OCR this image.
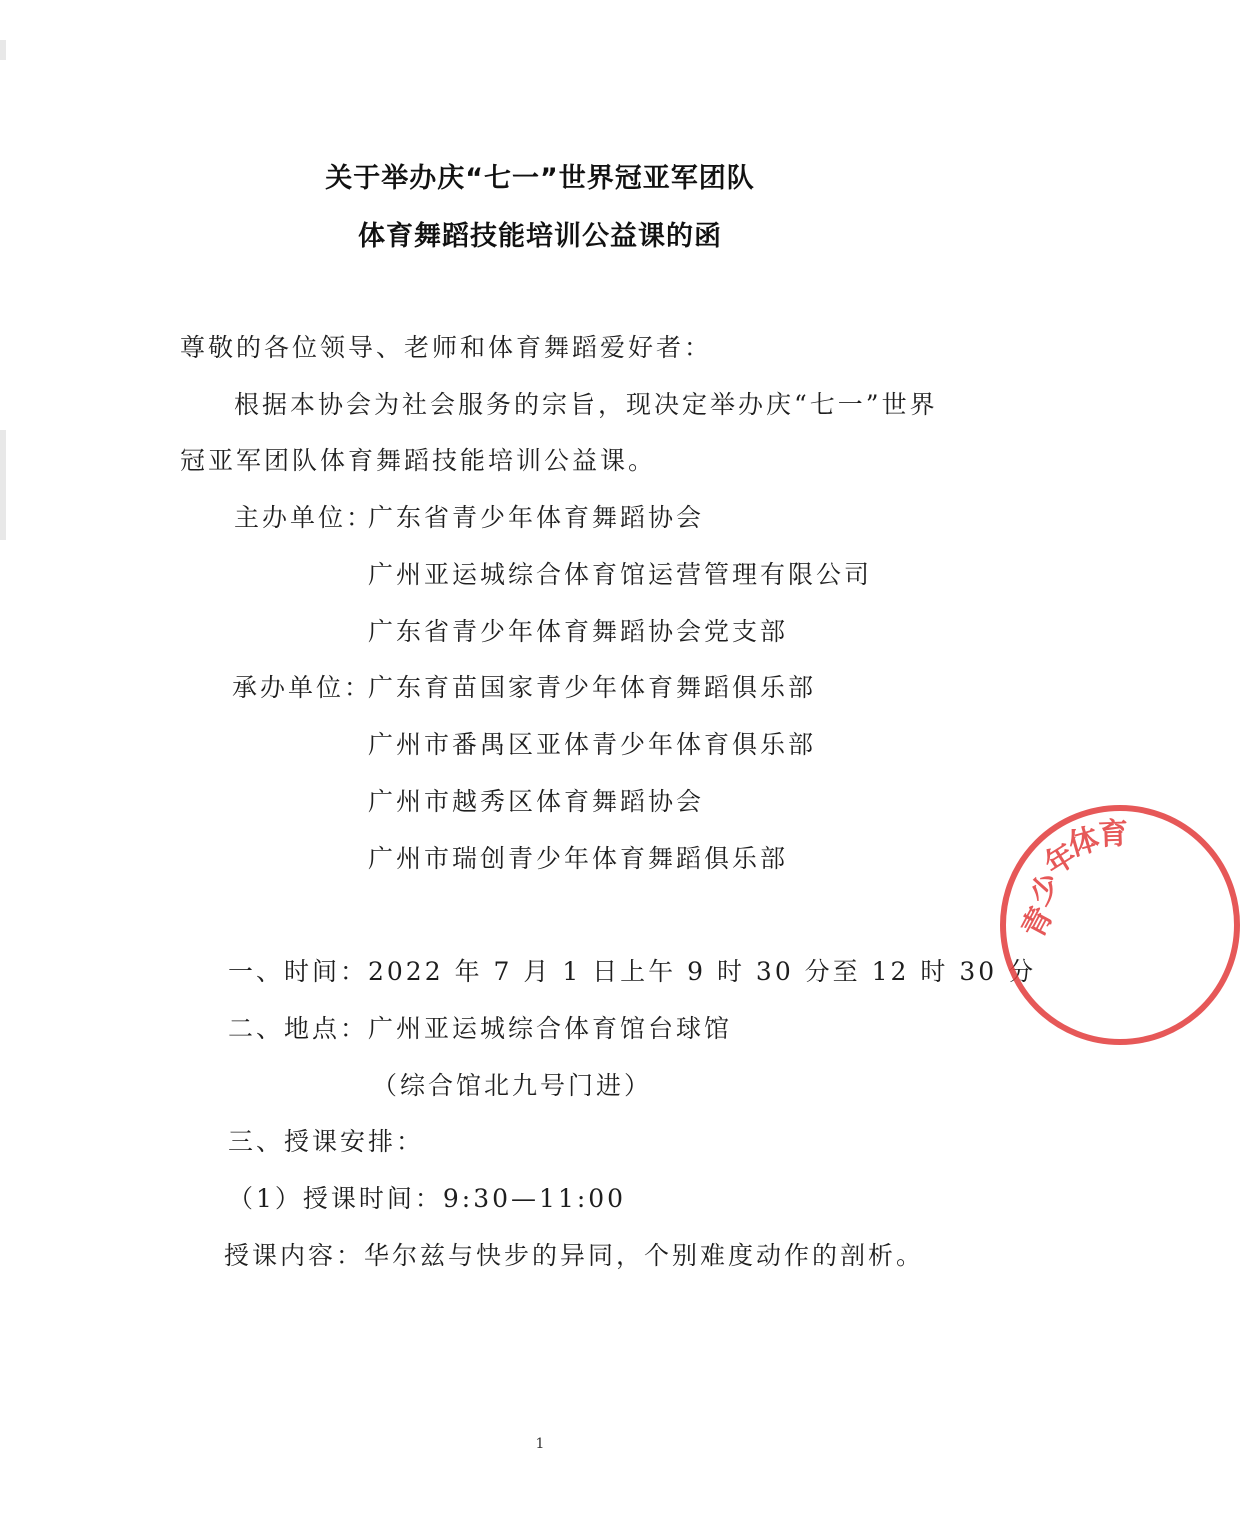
关于举办庆“七一”世界冠亚军团队
体育舞蹈技能培训公益课的函
尊敬的各位领导、老师和体育舞蹈爱好者：
根据本协会为社会服务的宗旨，现决定举办庆“七一”世界
冠亚军团队体育舞蹈技能培训公益课。
主办单位：
广东省青少年体育舞蹈协会
广州亚运城综合体育馆运营管理有限公司
广东省青少年体育舞蹈协会党支部
承办单位：
广东育苗国家青少年体育舞蹈俱乐部
广州市番禺区亚体青少年体育俱乐部
广州市越秀区体育舞蹈协会
广州市瑞创青少年体育舞蹈俱乐部
一、时间：2022 年 7 月 1 日上午 9 时 30 分至 12 时 30 分
二、地点：广州亚运城综合体育馆台球馆
（综合馆北九号门进）
三、授课安排：
（1）授课时间：9:30—11:00
授课内容：华尔兹与快步的异同，个别难度动作的剖析。
1
青
少
年
体
育
